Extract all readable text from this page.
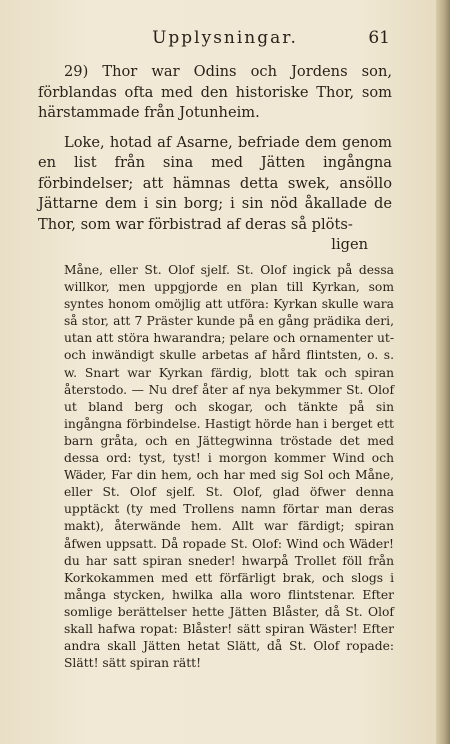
Upplysningar.	61

29) Thor war Odins och Jordens son, förblandas ofta med den historiske Thor, som härstammade från Jotunheim.

Loke, hotad af Asarne, befriade dem genom en list från sina med Jätten ingångna förbindelser; att hämnas detta swek, ansöllo Jättarne dem i sin borg; i sin nöd åkallade de Thor, som war förbistrad af deras så plöts-
ligen

Måne, eller St. Olof sjelf. St. Olof ingick på dessa willkor, men uppgjorde en plan till Kyrkan, som syntes honom omöjlig att utföra: Kyrkan skulle wara så stor, att 7 Präster kunde på en gång prädika deri, utan att störa hwarandra; pelare och ornamenter ut- och inwändigt skulle arbetas af hård flintsten, o. s. w. Snart war Kyrkan färdig, blott tak och spiran återstodo. — Nu dref åter af nya bekymmer St. Olof ut bland berg och skogar, och tänkte på sin ingångna förbindelse. Hastigt hörde han i berget ett barn gråta, och en Jättegwinna tröstade det med dessa ord: tyst, tyst! i morgon kommer Wind och Wäder, Far din hem, och har med sig Sol och Måne, eller St. Olof sjelf. St. Olof, glad öfwer denna upptäckt (ty med Trollens namn förtar man deras makt), återwände hem. Allt war färdigt; spiran åfwen uppsatt. Då ropade St. Olof: Wind och Wäder! du har satt spiran sneder! hwarpå Trollet föll från Korkokammen med ett förfärligt brak, och slogs i många stycken, hwilka alla woro flintstenar. Efter somlige berättelser hette Jätten Blåster, då St. Olof skall hafwa ropat: Blåster! sätt spiran Wäster! Efter andra skall Jätten hetat Slätt, då St. Olof ropade: Slätt! sätt spiran rätt!
